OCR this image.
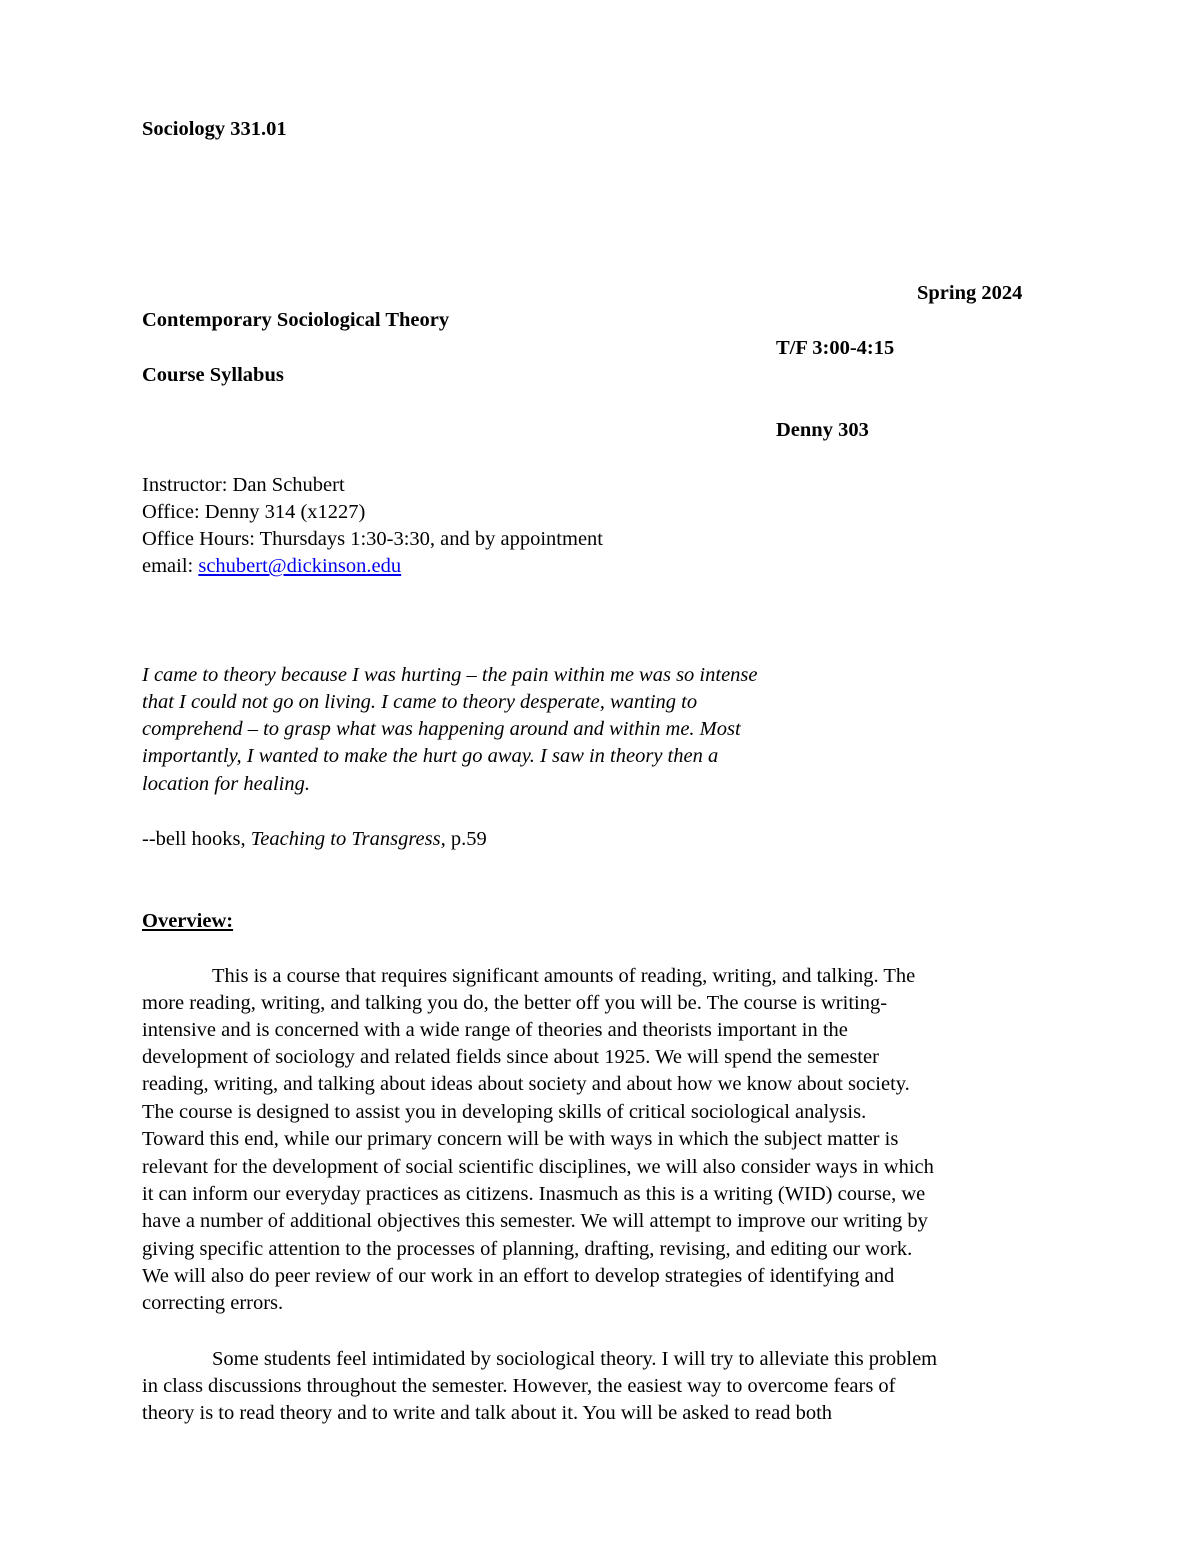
Sociology 331.01
Spring 2024
Contemporary Sociological Theory
T/F 3:00-4:15
Course Syllabus
Denny 303
Instructor: Dan Schubert
Office: Denny 314 (x1227)
Office Hours: Thursdays 1:30-3:30, and by appointment
email: schubert@dickinson.edu
I came to theory because I was hurting – the pain within me was so intense
that I could not go on living. I came to theory desperate, wanting to
comprehend – to grasp what was happening around and within me. Most
importantly, I wanted to make the hurt go away. I saw in theory then a
location for healing.
--bell hooks, Teaching to Transgress, p.59
Overview:
This is a course that requires significant amounts of reading, writing, and talking. The
more reading, writing, and talking you do, the better off you will be. The course is writing-
intensive and is concerned with a wide range of theories and theorists important in the
development of sociology and related fields since about 1925. We will spend the semester
reading, writing, and talking about ideas about society and about how we know about society.
The course is designed to assist you in developing skills of critical sociological analysis.
Toward this end, while our primary concern will be with ways in which the subject matter is
relevant for the development of social scientific disciplines, we will also consider ways in which
it can inform our everyday practices as citizens. Inasmuch as this is a writing (WID) course, we
have a number of additional objectives this semester. We will attempt to improve our writing by
giving specific attention to the processes of planning, drafting, revising, and editing our work.
We will also do peer review of our work in an effort to develop strategies of identifying and
correcting errors.
Some students feel intimidated by sociological theory. I will try to alleviate this problem
in class discussions throughout the semester. However, the easiest way to overcome fears of
theory is to read theory and to write and talk about it. You will be asked to read both
